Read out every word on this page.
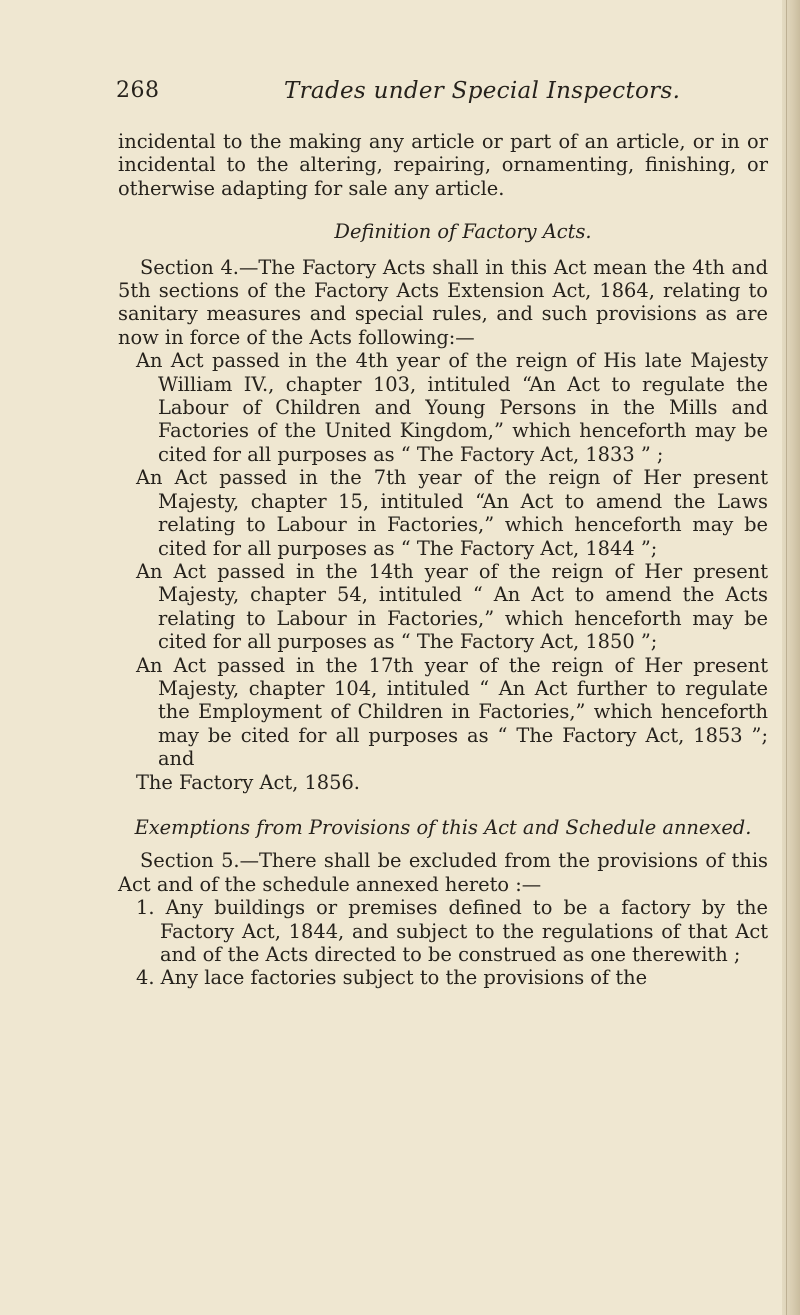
268	Trades under Special Inspectors.

incidental to the making any article or part of an article, or in or incidental to the altering, repairing, ornamenting, finishing, or otherwise adapting for sale any article.

Definition of Factory Acts.

Section 4.—The Factory Acts shall in this Act mean the 4th and 5th sections of the Factory Acts Extension Act, 1864, relating to sanitary measures and special rules, and such provisions as are now in force of the Acts following:—

An Act passed in the 4th year of the reign of His late Majesty William IV., chapter 103, intituled “An Act to regulate the Labour of Children and Young Persons in the Mills and Factories of the United Kingdom,” which henceforth may be cited for all purposes as “ The Factory Act, 1833 ” ;

An Act passed in the 7th year of the reign of Her present Majesty, chapter 15, intituled “An Act to amend the Laws relating to Labour in Factories,” which henceforth may be cited for all purposes as “ The Factory Act, 1844 ”;

An Act passed in the 14th year of the reign of Her present Majesty, chapter 54, intituled “ An Act to amend the Acts relating to Labour in Factories,” which henceforth may be cited for all purposes as “ The Factory Act, 1850 ”;

An Act passed in the 17th year of the reign of Her present Majesty, chapter 104, intituled “ An Act further to regulate the Employment of Children in Factories,” which henceforth may be cited for all purposes as “ The Factory Act, 1853 ”; and

The Factory Act, 1856.

Exemptions from Provisions of this Act and Schedule annexed.

Section 5.—There shall be excluded from the provisions of this Act and of the schedule annexed hereto :—

1. Any buildings or premises defined to be a factory by the Factory Act, 1844, and subject to the regulations of that Act and of the Acts directed to be construed as one therewith ;

4. Any lace factories subject to the provisions of the
